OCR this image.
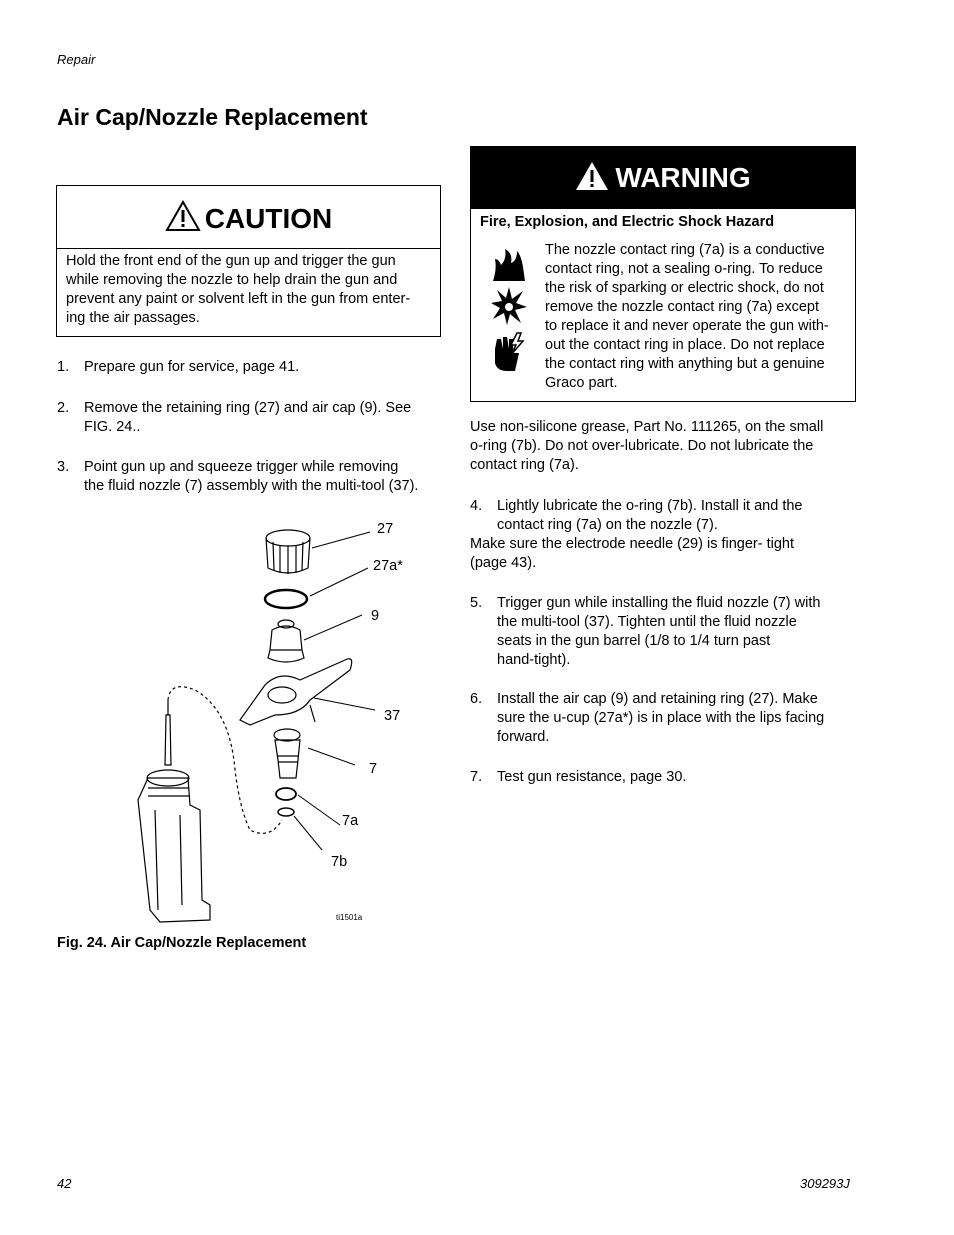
Repair
Air Cap/Nozzle Replacement
CAUTION
Hold the front end of the gun up and trigger the gun
while removing the nozzle to help drain the gun and
prevent any paint or solvent left in the gun from enter-
ing the air passages.
1. Prepare gun for service, page 41.
2. Remove the retaining ring (27) and air cap (9). See
FIG. 24..
3. Point gun up and squeeze trigger while removing
the fluid nozzle (7) assembly with the multi-tool (37).
27
27a*
9
37
7
7a
7b
ti1501a
Fig. 24. Air Cap/Nozzle Replacement
WARNING
Fire, Explosion, and Electric Shock Hazard
The nozzle contact ring (7a) is a conductive
contact ring, not a sealing o-ring. To reduce
the risk of sparking or electric shock, do not
remove the nozzle contact ring (7a) except
to replace it and never operate the gun with-
out the contact ring in place. Do not replace
the contact ring with anything but a genuine
Graco part.
Use non-silicone grease, Part No. 111265, on the small
o-ring (7b). Do not over-lubricate. Do not lubricate the
contact ring (7a).
4. Lightly lubricate the o-ring (7b). Install it and the
contact ring (7a) on the nozzle (7).
Make sure the electrode needle (29) is finger- tight
(page 43).
5. Trigger gun while installing the fluid nozzle (7) with
the multi-tool (37). Tighten until the fluid nozzle
seats in the gun barrel (1/8 to 1/4 turn past
hand-tight).
6. Install the air cap (9) and retaining ring (27). Make
sure the u-cup (27a*) is in place with the lips facing
forward.
7. Test gun resistance, page 30.
42	309293J
